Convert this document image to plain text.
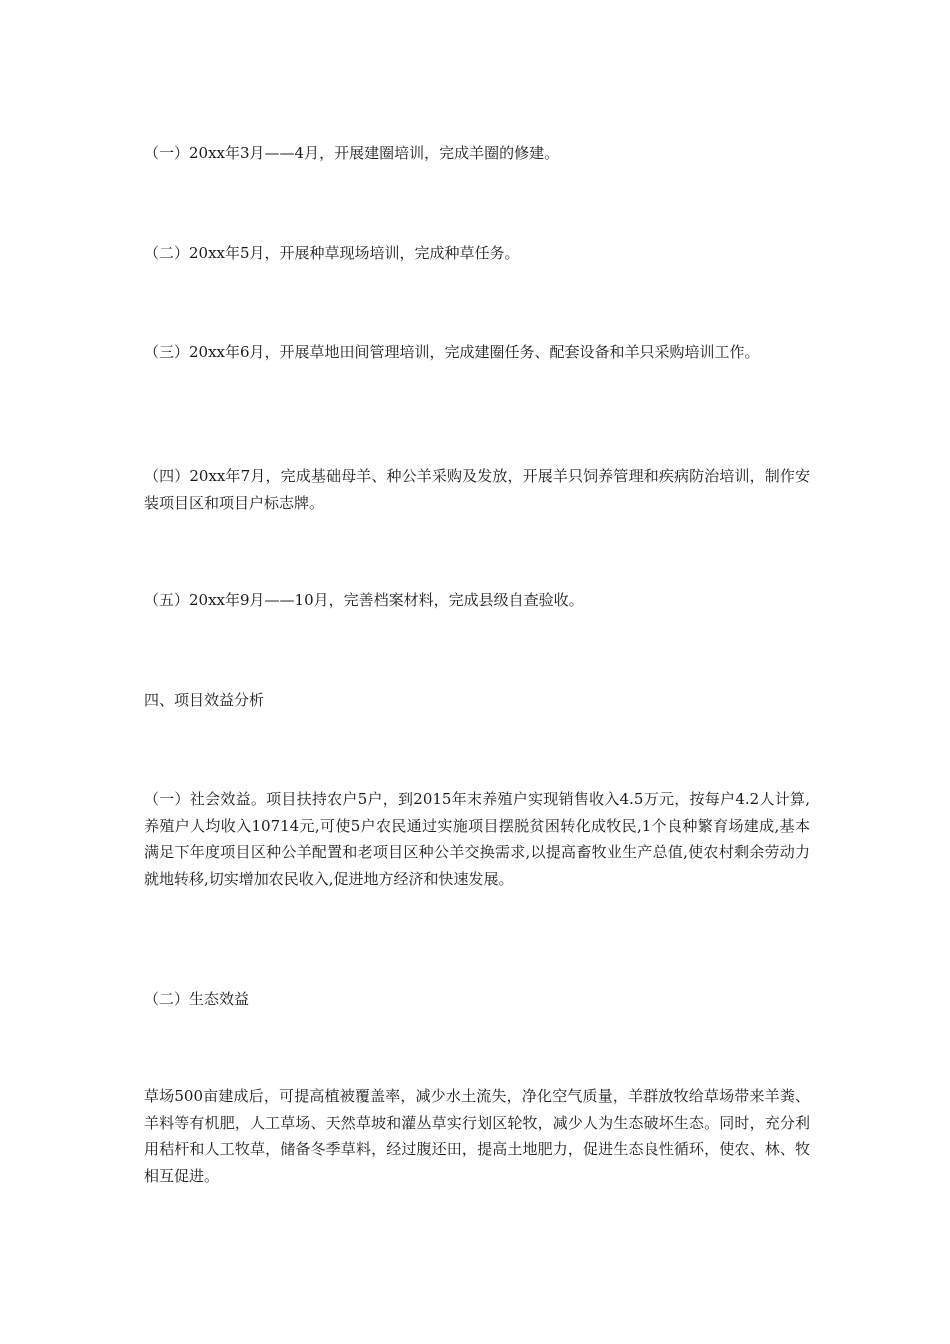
（一）20xx年3月——4月，开展建圈培训，完成羊圈的修建。

（二）20xx年5月，开展种草现场培训，完成种草任务。

（三）20xx年6月，开展草地田间管理培训，完成建圈任务、配套设备和羊只采购培训工作。

（四）20xx年7月，完成基础母羊、种公羊采购及发放，开展羊只饲养管理和疾病防治培训，制作安装项目区和项目户标志牌。

（五）20xx年9月——10月，完善档案材料，完成县级自查验收。

四、项目效益分析

（一）社会效益。项目扶持农户5户，到2015年末养殖户实现销售收入4.5万元，按每户4.2人计算,养殖户人均收入10714元,可使5户农民通过实施项目摆脱贫困转化成牧民,1个良种繁育场建成,基本满足下年度项目区种公羊配置和老项目区种公羊交换需求,以提高畜牧业生产总值,使农村剩余劳动力就地转移,切实增加农民收入,促进地方经济和快速发展。

（二）生态效益

草场500亩建成后，可提高植被覆盖率，减少水土流失，净化空气质量，羊群放牧给草场带来羊粪、羊料等有机肥，人工草场、天然草坡和灌丛草实行划区轮牧，减少人为生态破坏生态。同时，充分利用秸杆和人工牧草，储备冬季草料，经过腹还田，提高土地肥力，促进生态良性循环，使农、林、牧相互促进。
